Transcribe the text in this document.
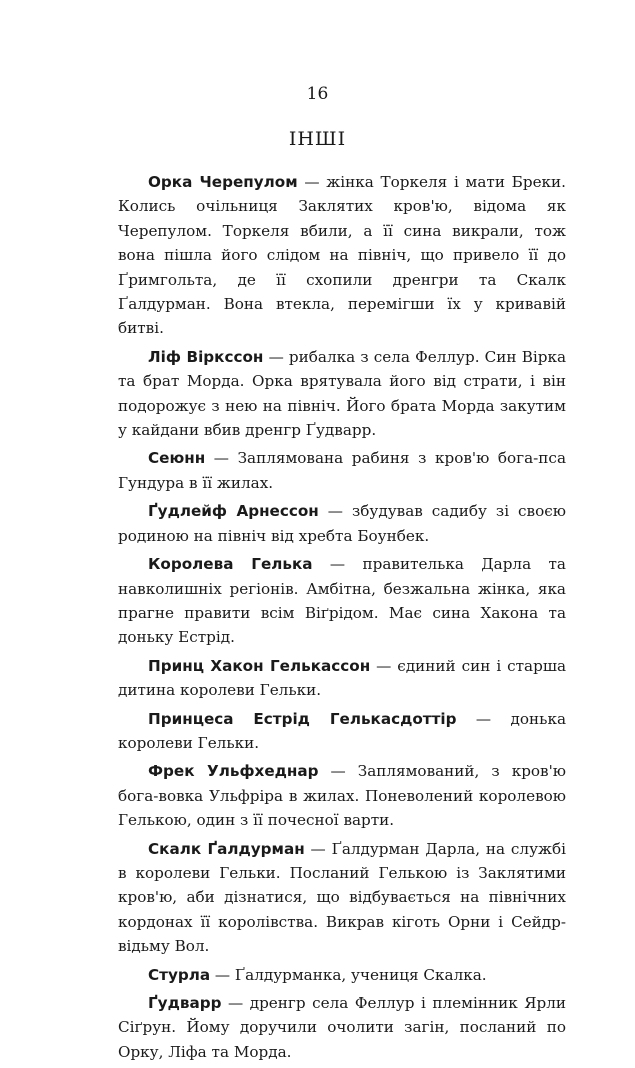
16
ІНШІ

Орка Черепулом — жінка Торкеля і мати Бреки. Колись очільниця Заклятих кров'ю, відома як Черепулом. Торкеля вбили, а її сина викрали, тож вона пішла його слідом на північ, що привело її до Ґримгольта, де її схопили дренгри та Скалк Ґалдурман. Вона втекла, перемігши їх у кривавій битві.

Ліф Віркссон — рибалка з села Феллур. Син Вірка та брат Морда. Орка врятувала його від страти, і він подорожує з нею на північ. Його брата Морда закутим у кайдани вбив дренгр Ґудварр.

Сеюнн — Заплямована рабиня з кров'ю бога-пса Гундура в її жилах.

Ґудлейф Арнессон — збудував садибу зі своєю родиною на північ від хребта Боунбек.

Королева Гелька — правителька Дарла та навколишніх регіонів. Амбітна, безжальна жінка, яка прагне правити всім Віґрідом. Має сина Хакона та доньку Естрід.

Принц Хакон Гелькассон — єдиний син і старша дитина королеви Гельки.

Принцеса Естрід Гелькасдоттір — донька королеви Гельки.

Фрек Ульфхеднар — Заплямований, з кров'ю бога-вовка Ульфріра в жилах. Поневолений королевою Гелькою, один з її почесної варти.

Скалк Ґалдурман — Ґалдурман Дарла, на службі в королеви Гельки. Посланий Гелькою із Заклятими кров'ю, аби дізнатися, що відбувається на північних кордонах її королівства. Викрав кіготь Орни і Сейдр-відьму Вол.

Стурла — Ґалдурманка, учениця Скалка.

Ґудварр — дренгр села Феллур і племінник Ярли Сіґрун. Йому доручили очолити загін, посланий по Орку, Ліфа та Морда.
